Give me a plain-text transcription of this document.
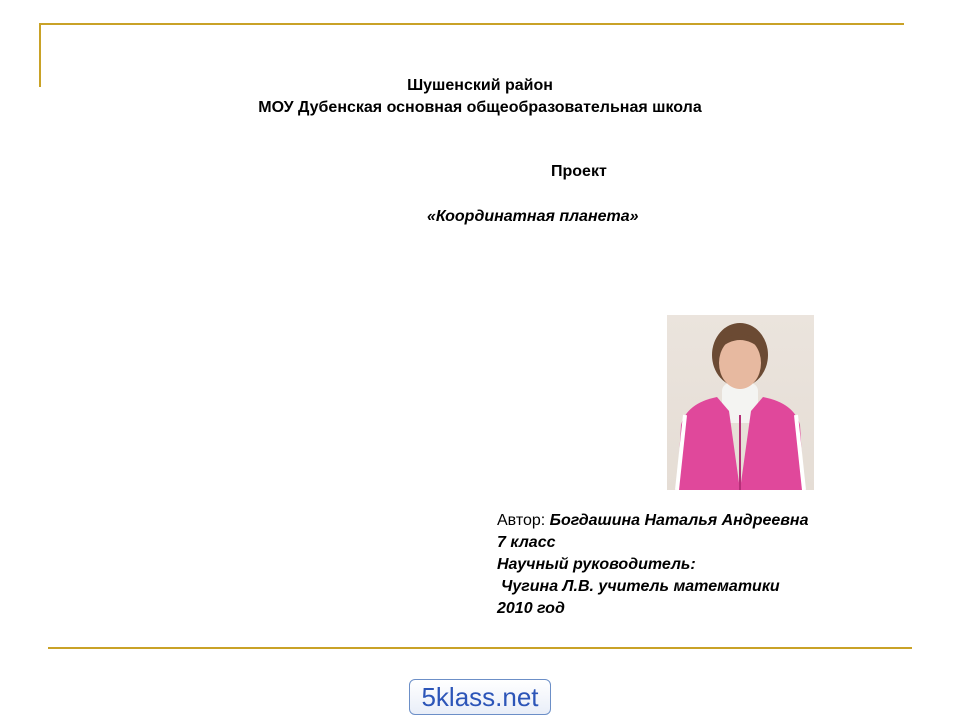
Шушенский район
МОУ Дубенская основная общеобразовательная школа
Проект
«Координатная планета»
Автор: Богдашина Наталья Андреевна
7 класс
Научный руководитель:
Чугина Л.В. учитель математики
2010 год
5klass.net
